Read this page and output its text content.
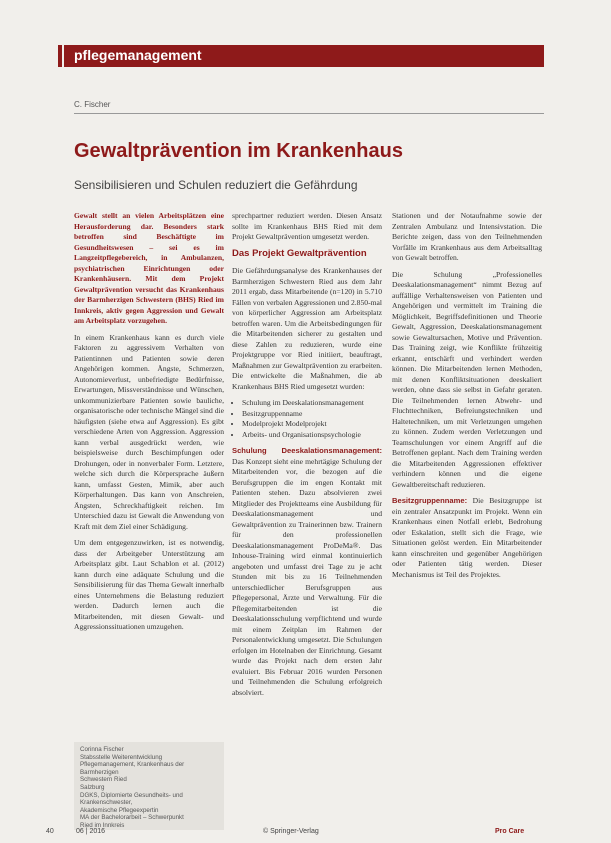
pflegemanagement
C. Fischer
Gewaltprävention im Krankenhaus
Sensibilisieren und Schulen reduziert die Gefährdung

Gewalt stellt an vielen Arbeitsplätzen eine Herausforderung dar. Besonders stark betroffen sind Beschäftigte im Gesundheitswesen – sei es im Langzeitpflegebereich, in Ambulanzen, psychiatrischen Einrichtungen oder Krankenhäusern. Mit dem Projekt Gewaltprävention versucht das Krankenhaus der Barmherzigen Schwestern (BHS) Ried im Innkreis, aktiv gegen Aggression und Gewalt am Arbeitsplatz vorzugehen.

In einem Krankenhaus kann es durch viele Faktoren zu aggressivem Verhalten von Patientinnen und Patienten sowie deren Angehörigen kommen. Ängste, Schmerzen, Autonomieverlust, unbefriedigte Bedürfnisse, Erwartungen, Missverständnisse und Wünschen, unkommunizierbare Patienten sowie bauliche, organisatorische oder technische Mängel sind die häufigsten (siehe etwa auf Aggression). Es gibt verschiedene Arten von Aggression. Aggression kann verbal ausgedrückt werden, wie beispielsweise durch Beschimpfungen oder Drohungen, oder in nonverbaler Form. Letztere, welche sich durch die Körpersprache äußern kann, umfasst Gesten, Mimik, aber auch Körperhaltungen. Das kann von Anschreien, Ängsten, Schreckhaftigkeit reichen. Im Unterschied dazu ist Gewalt die Anwendung von Kraft mit dem Ziel einer Schädigung.

Um dem entgegenzuwirken, ist es notwendig, dass der Arbeitgeber Unterstützung am Arbeitsplatz gibt. Laut Schablon et al. (2012) kann durch eine adäquate Schulung und die Sensibilisierung für das Thema Gewalt innerhalb eines Unternehmens die Belastung reduziert werden. Dadurch lernen auch die Mitarbeitenden, mit diesen Gewalt- und Aggressionssituationen umzugehen.

Corinna Fischer
Stabsstelle Weiterentwicklung
Pflegemanagement, Krankenhaus der Barmherzigen
Schwestern Ried
Salzburg
DGKS, Diplomierte Gesundheits- und Krankenschwester,
Akademische Pflegeexpertin
MA der Bachelorarbeit – Schwerpunkt
Ried im Innkreis

sprechpartner reduziert werden. Diesen Ansatz sollte im Krankenhaus BHS Ried mit dem Projekt Gewaltprävention umgesetzt werden.

Das Projekt Gewaltprävention

Die Gefährdungsanalyse des Krankenhauses der Barmherzigen Schwestern Ried aus dem Jahr 2011 ergab, dass Mitarbeitende (n=120) in 5.710 Fällen von verbalen Aggressionen und 2.850-mal von körperlicher Aggression am Arbeitsplatz betroffen waren. Um die Arbeitsbedingungen für die Mitarbeitenden sicherer zu gestalten und diese Zahlen zu reduzieren, wurde eine Projektgruppe vor Ried initiiert, beauftragt, Maßnahmen zur Gewaltprävention zu erarbeiten. Die entwickelte die Maßnahmen, die ab Krankenhaus BHS Ried umgesetzt wurden:

• Schulung im Deeskalationsmanagement
• Besitzgruppenname
• Modelprojekt Modelprojekt
• Arbeits- und Organisationspsychologie

Schulung Deeskalationsmanagement: Das Konzept sieht eine mehrtägige Schulung der Mitarbeitenden vor, die bezogen auf die Berufsgruppen die im engen Kontakt mit Patienten stehen. Dazu absolvieren zwei Mitglieder des Projektteams eine Ausbildung für Deeskalationsmanagement und Gewaltprävention zu Trainerinnen bzw. Trainern für den professionellen Deeskalationsmanagement ProDeMa®. Das Inhouse-Training wird einmal kontinuierlich angeboten und umfasst drei Tage zu je acht Stunden mit bis zu 16 Teilnehmenden unterschiedlicher Berufsgruppen aus Pflegepersonal, Ärzte und Verwaltung. Für die Pflegemitarbeitenden ist die Deeskalationsschulung verpflichtend und wurde mit einem Zeitplan im Rahmen der Personalentwicklung umgesetzt. Die Schulungen erfolgen im Hotelnaben der Einrichtung. Gesamt wurde das Projekt nach dem ersten Jahr evaluiert. Bis Februar 2016 wurden Personen und Teilnehmenden die Schulung erfolgreich absolviert.

Stationen und der Notaufnahme sowie der Zentralen Ambulanz und Intensivstation. Die Berichte zeigen, dass von den Teilnehmenden Vorfälle im Krankenhaus aus dem Arbeitsalltag von Gewalt betroffen.

Die Schulung „Professionelles Deeskalationsmanagement“ nimmt Bezug auf auffällige Verhaltensweisen von Patienten und Angehörigen und vermittelt im Training die Möglichkeit, Begriffsdefinitionen und Theorie Gewalt, Aggression, Deeskalationsmanagement sowie Gewaltursachen, Motive und Prävention. Das Training zeigt, wie Konflikte frühzeitig erkannt, entschärft und verhindert werden können. Die Mitarbeitenden lernen Methoden, mit denen Konfliktsituationen deeskaliert werden, ohne dass sie selbst in Gefahr geraten. Die Teilnehmenden lernen Abwehr- und Fluchttechniken, Befreiungstechniken und Haltetechniken, um mit Verletzungen umgehen zu können. Zudem werden Verletzungen und Teamschulungen vor einem Angriff auf die Betroffenen geplant. Nach dem Training werden die Mitarbeitenden Aggressionen effektiver verhindern können und die eigene Gewaltbereitschaft reduzieren.

Besitzgruppenname: Die Besitzgruppe ist ein zentraler Ansatzpunkt im Projekt. Wenn ein Krankenhaus einen Notfall erlebt, Bedrohung oder Eskalation, stellt sich die Frage, wie Situationen gelöst werden. Ein Mitarbeitender kann einschreiten und gegenüber Angehörigen oder Patienten tätig werden. Dieser Mechanismus ist Teil des Projektes.

40	06 | 2016	© Springer-Verlag	Pro Care
